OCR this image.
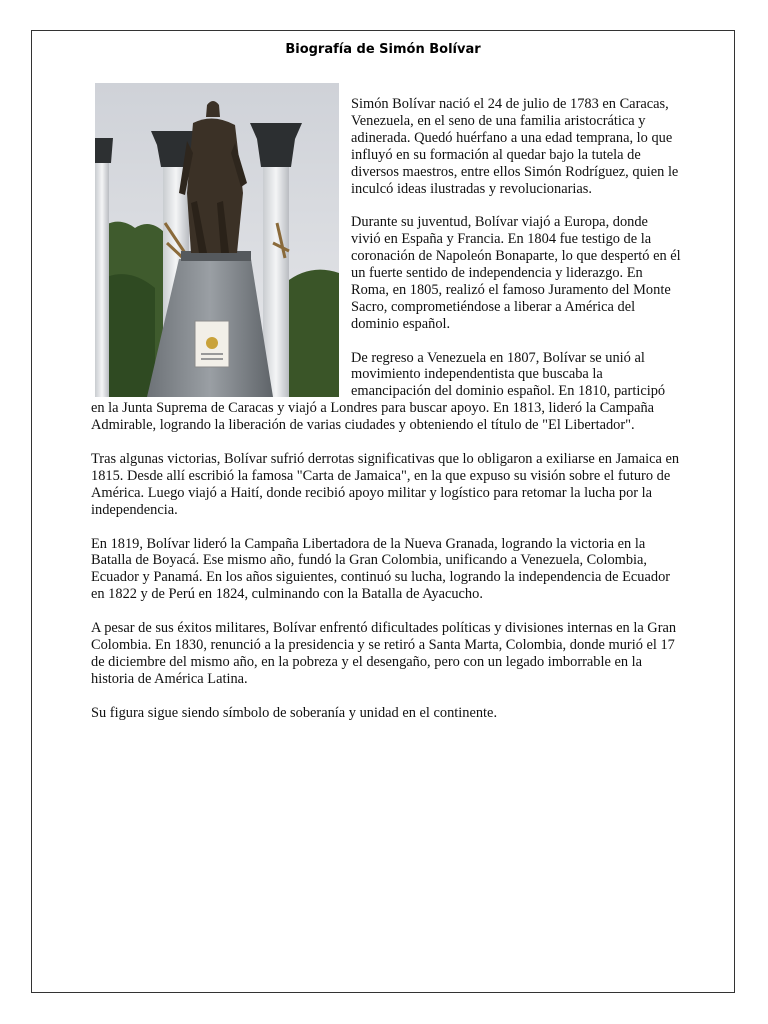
Biografía de Simón Bolívar

Simón Bolívar nació el 24 de julio de 1783 en Caracas, Venezuela, en el seno de una familia aristocrática y adinerada. Quedó huérfano a una edad temprana, lo que influyó en su formación al quedar bajo la tutela de diversos maestros, entre ellos Simón Rodríguez, quien le inculcó ideas ilustradas y revolucionarias.

Durante su juventud, Bolívar viajó a Europa, donde vivió en España y Francia. En 1804 fue testigo de la coronación de Napoleón Bonaparte, lo que despertó en él un fuerte sentido de independencia y liderazgo. En Roma, en 1805, realizó el famoso Juramento del Monte Sacro, comprometiéndose a liberar a América del dominio español.

De regreso a Venezuela en 1807, Bolívar se unió al movimiento independentista que buscaba la emancipación del dominio español. En 1810, participó en la Junta Suprema de Caracas y viajó a Londres para buscar apoyo. En 1813, lideró la Campaña Admirable, logrando la liberación de varias ciudades y obteniendo el título de "El Libertador".

Tras algunas victorias, Bolívar sufrió derrotas significativas que lo obligaron a exiliarse en Jamaica en 1815. Desde allí escribió la famosa "Carta de Jamaica", en la que expuso su visión sobre el futuro de América. Luego viajó a Haití, donde recibió apoyo militar y logístico para retomar la lucha por la independencia.

En 1819, Bolívar lideró la Campaña Libertadora de la Nueva Granada, logrando la victoria en la Batalla de Boyacá. Ese mismo año, fundó la Gran Colombia, unificando a Venezuela, Colombia, Ecuador y Panamá. En los años siguientes, continuó su lucha, logrando la independencia de Ecuador en 1822 y de Perú en 1824, culminando con la Batalla de Ayacucho.

A pesar de sus éxitos militares, Bolívar enfrentó dificultades políticas y divisiones internas en la Gran Colombia. En 1830, renunció a la presidencia y se retiró a Santa Marta, Colombia, donde murió el 17 de diciembre del mismo año, en la pobreza y el desengaño, pero con un legado imborrable en la historia de América Latina.

Su figura sigue siendo símbolo de soberanía y unidad en el continente.
